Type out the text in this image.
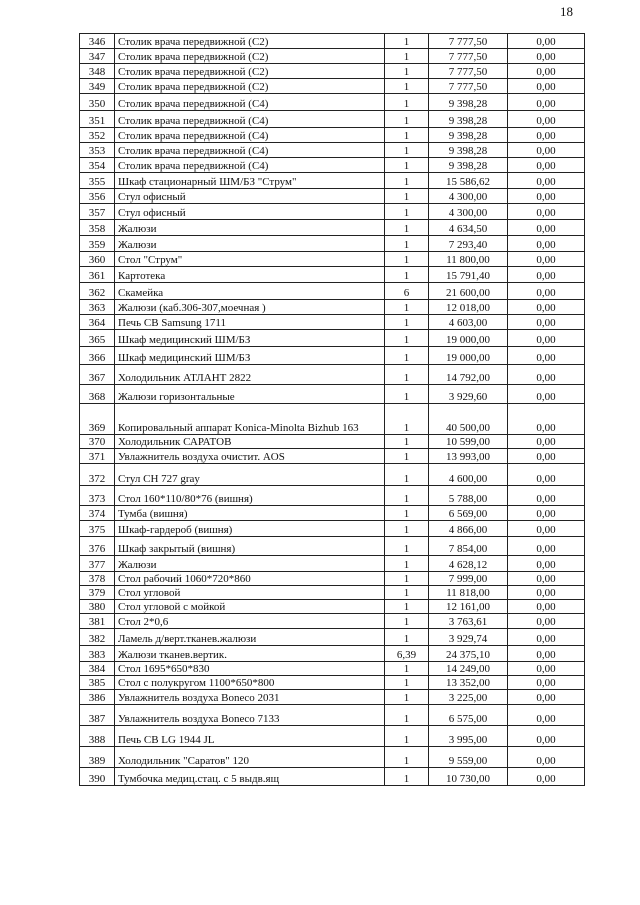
18
346	Столик врача передвижной (С2)	1	7 777,50	0,00
347	Столик врача передвижной (С2)	1	7 777,50	0,00
348	Столик врача передвижной (С2)	1	7 777,50	0,00
349	Столик врача передвижной (С2)	1	7 777,50	0,00
350	Столик врача передвижной (С4)	1	9 398,28	0,00
351	Столик врача передвижной (С4)	1	9 398,28	0,00
352	Столик врача передвижной (С4)	1	9 398,28	0,00
353	Столик врача передвижной (С4)	1	9 398,28	0,00
354	Столик врача передвижной (С4)	1	9 398,28	0,00
355	Шкаф стационарный ШМ/БЗ "Струм"	1	15 586,62	0,00
356	Стул офисный	1	4 300,00	0,00
357	Стул офисный	1	4 300,00	0,00
358	Жалюзи	1	4 634,50	0,00
359	Жалюзи	1	7 293,40	0,00
360	Стол "Струм"	1	11 800,00	0,00
361	Картотека	1	15 791,40	0,00
362	Скамейка	6	21 600,00	0,00
363	Жалюзи (каб.306-307,моечная )	1	12 018,00	0,00
364	Печь СВ Samsung 1711	1	4 603,00	0,00
365	Шкаф медицинский ШМ/БЗ	1	19 000,00	0,00
366	Шкаф медицинский ШМ/БЗ	1	19 000,00	0,00
367	Холодильник АТЛАНТ 2822	1	14 792,00	0,00
368	Жалюзи горизонтальные	1	3 929,60	0,00
369	Копировальный аппарат Konica-Minolta Bizhub 163	1	40 500,00	0,00
370	Холодильник САРАТОВ	1	10 599,00	0,00
371	Увлажнитель воздуха очистит. AOS	1	13 993,00	0,00
372	Стул СН 727 gray	1	4 600,00	0,00
373	Стол 160*110/80*76 (вишня)	1	5 788,00	0,00
374	Тумба (вишня)	1	6 569,00	0,00
375	Шкаф-гардероб (вишня)	1	4 866,00	0,00
376	Шкаф закрытый (вишня)	1	7 854,00	0,00
377	Жалюзи	1	4 628,12	0,00
378	Стол рабочий 1060*720*860	1	7 999,00	0,00
379	Стол угловой	1	11 818,00	0,00
380	Стол угловой с мойкой	1	12 161,00	0,00
381	Стол 2*0,6	1	3 763,61	0,00
382	Ламель д/верт.тканев.жалюзи	1	3 929,74	0,00
383	Жалюзи тканев.вертик.	6,39	24 375,10	0,00
384	Стол 1695*650*830	1	14 249,00	0,00
385	Стол с полукругом 1100*650*800	1	13 352,00	0,00
386	Увлажнитель воздуха Boneco 2031	1	3 225,00	0,00
387	Увлажнитель воздуха Boneco 7133	1	6 575,00	0,00
388	Печь СВ LG 1944 JL	1	3 995,00	0,00
389	Холодильник "Саратов" 120	1	9 559,00	0,00
390	Тумбочка медиц.стац. с 5 выдв.ящ	1	10 730,00	0,00
